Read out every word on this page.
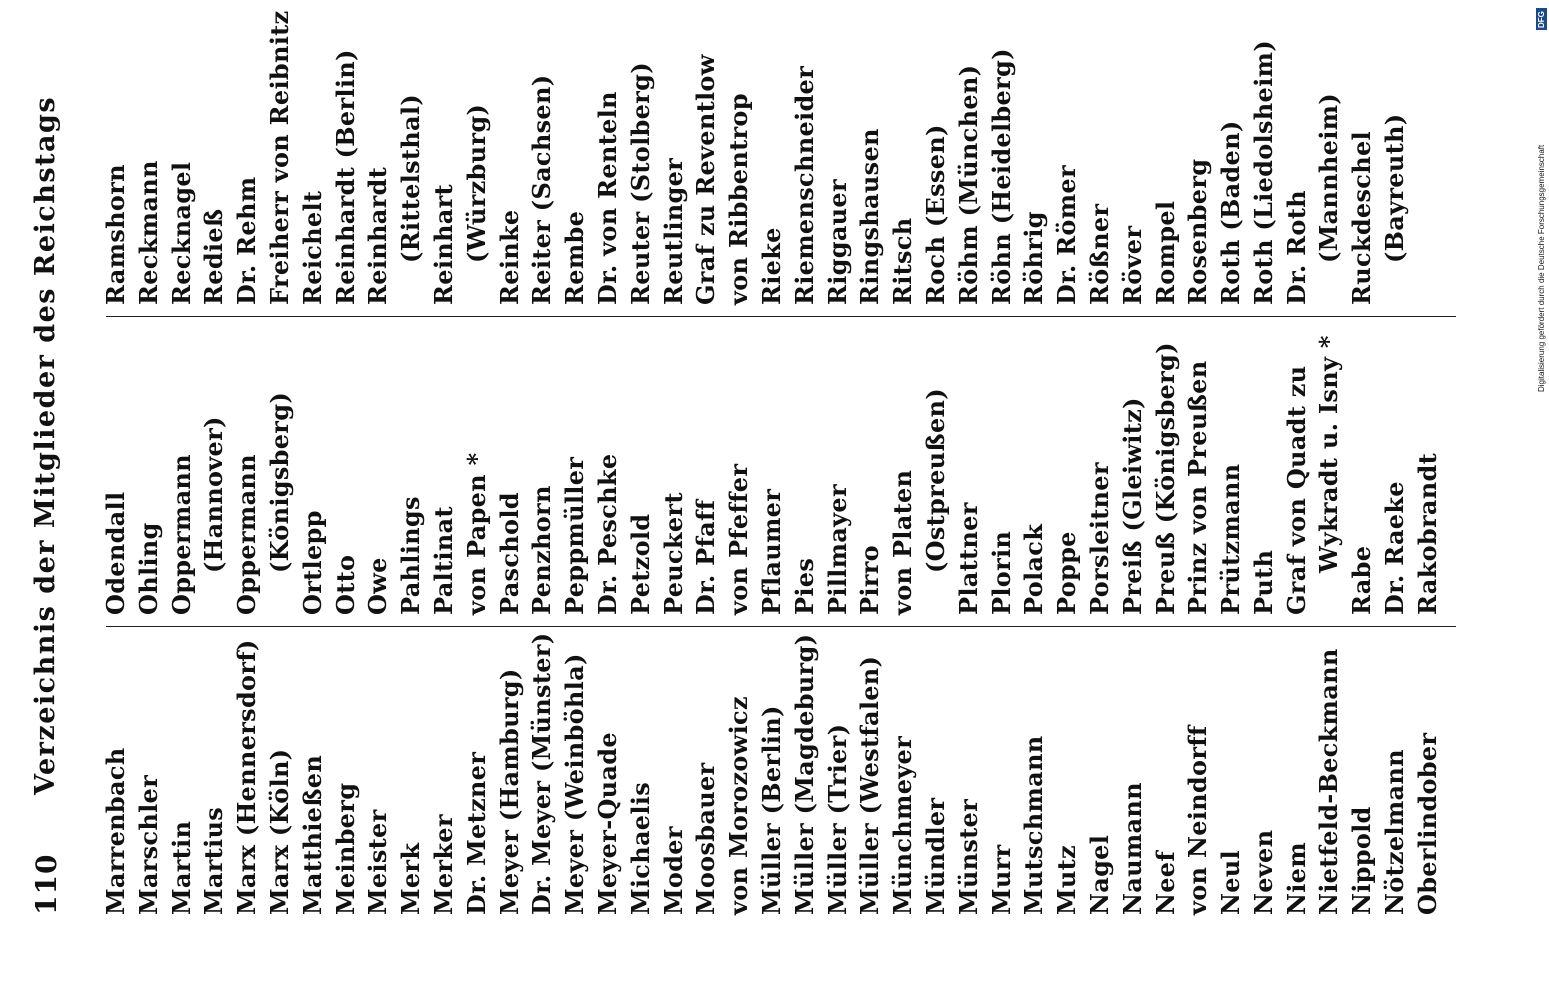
110
Verzeichnis der Mitglieder des Reichstags
Marrenbach Marschler Martin Martius Marx (Hennersdorf) Marx (Köln) Matthießen Meinberg Meister Merk Merker Dr. Metzner Meyer (Hamburg) Dr. Meyer (Münster) Meyer (Weinböhla) Meyer-Quade Michaelis Moder Moosbauer von Morozowicz Müller (Berlin) Müller (Magdeburg) Müller (Trier) Müller (Westfalen) Münchmeyer Mündler Münster Murr Mutschmann Mutz Nagel Naumann Neef von Neindorff Neul Neven Niem Nietfeld-Beckmann Nippold Nötzelmann Oberlindober
Odendall Ohling Oppermann (Hannover) Oppermann (Königsberg) Ortlepp Otto Owe Pahlings Paltinat von Papen * Paschold Penzhorn Peppmüller Dr. Peschke Petzold Peuckert Dr. Pfaff von Pfeffer Pflaumer Pies Pillmayer Pirro von Platen (Ostpreußen) Plattner Plorin Polack Poppe Porsleitner Preiß (Gleiwitz) Preuß (Königsberg) Prinz von Preußen Prützmann Puth Graf von Quadt zu Wykradt u. Isny *
Rabe Dr. Raeke Rakobrandt
Ramshorn Reckmann Recknagel Redieß Dr. Rehm Freiherr von Reibnitz Reichelt Reinhardt (Berlin) Reinhardt (Rittelsthal) Reinhart (Würzburg) Reinke Reiter (Sachsen) Rembe Dr. von Renteln Reuter (Stolberg) Reutlinger Graf zu Reventlow von Ribbentrop Rieke Riemenschneider Riggauer Ringshausen Ritsch Roch (Essen) Röhm (München) Röhn (Heidelberg) Röhrig Dr. Römer Rößner Röver Rompel Rosenberg Roth (Baden) Roth (Liedolsheim) Dr. Roth (Mannheim) Ruckdeschel (Bayreuth)
DFG
Digitalisierung gefördert durch die Deutsche Forschungsgemeinschaft
